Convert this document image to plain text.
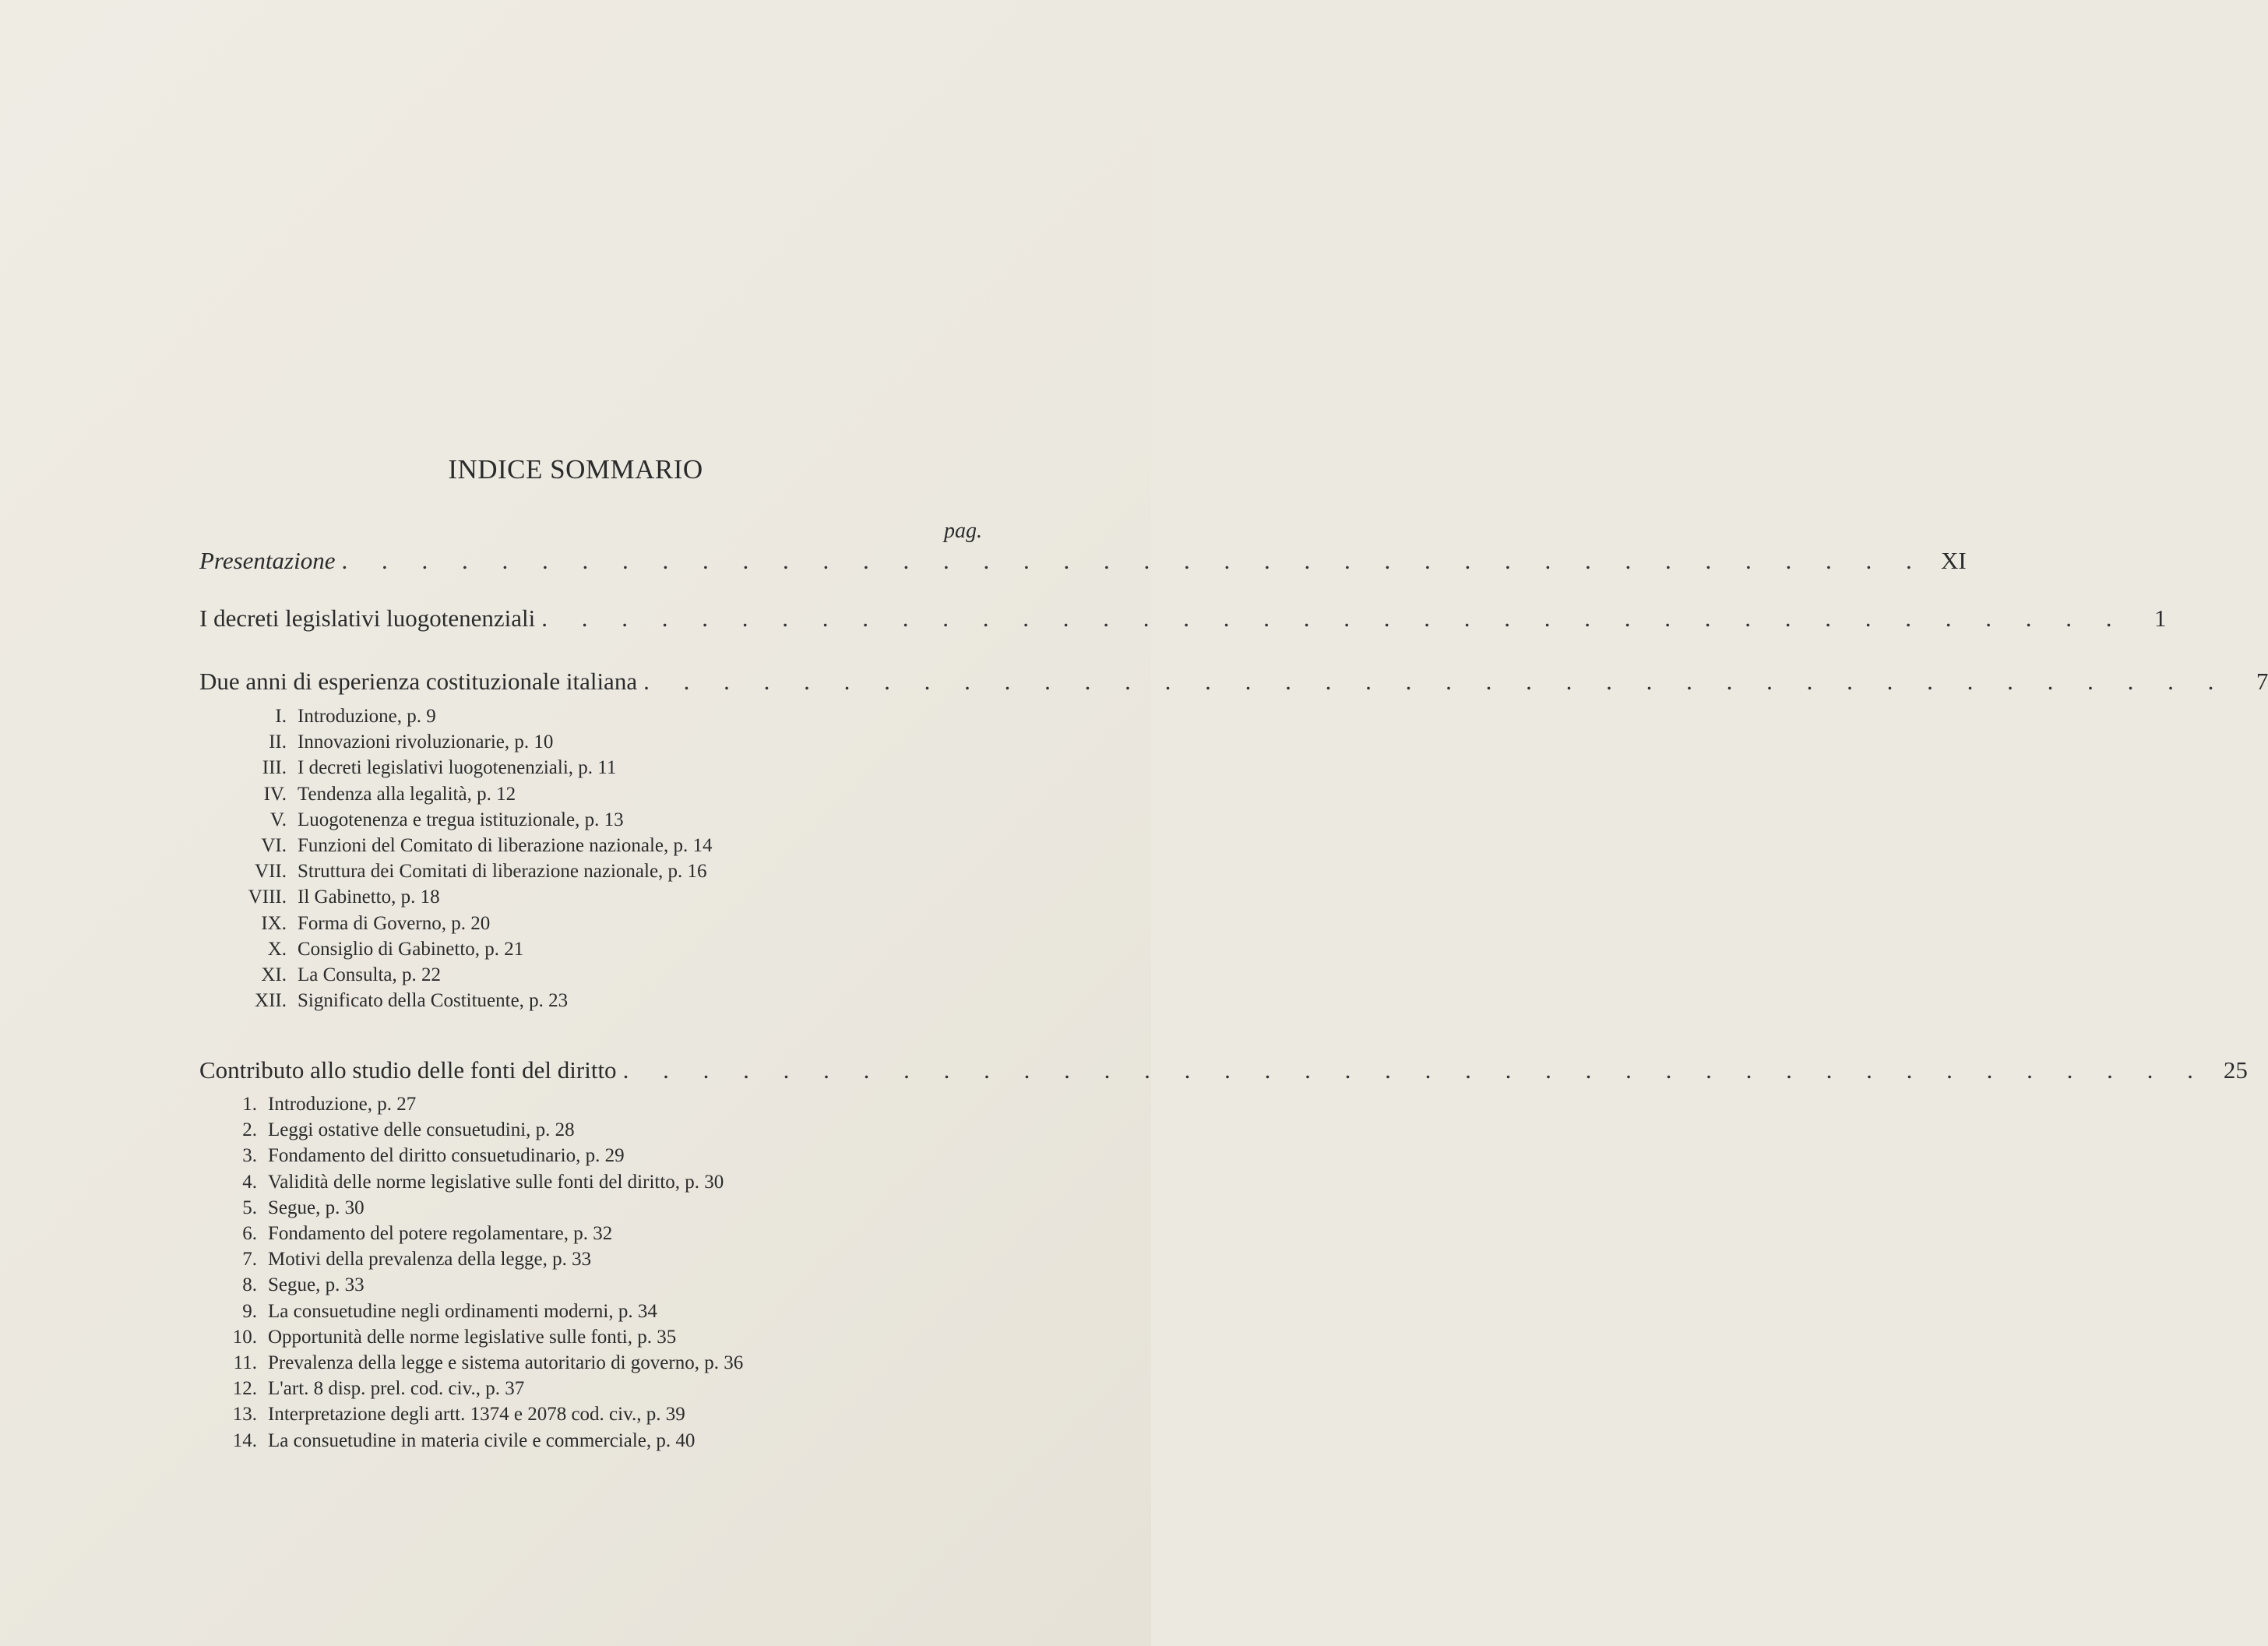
INDICE SOMMARIO
pag.
Presentazione . . . . . . . . . . . . . . . . . . . . . . . . . . . . . . . . . . . . . . . . XI
I decreti legislativi luogotenenziali . . . . . . . . . . . . . . . . . . . . . . . . . . . . . . . . . . . . . . . .	1
Due anni di esperienza costituzionale italiana . . . . . . . . . . . . . . . . . . . . . . . . . . . . . . . . . . . . . . . .	7
I. Introduzione, p. 9
II. Innovazioni rivoluzionarie, p. 10
III. I decreti legislativi luogotenenziali, p. 11
IV. Tendenza alla legalità, p. 12
V. Luogotenenza e tregua istituzionale, p. 13
VI. Funzioni del Comitato di liberazione nazionale, p. 14
VII. Struttura dei Comitati di liberazione nazionale, p. 16
VIII. Il Gabinetto, p. 18
IX. Forma di Governo, p. 20
X. Consiglio di Gabinetto, p. 21
XI. La Consulta, p. 22
XII. Significato della Costituente, p. 23
Contributo allo studio delle fonti del diritto . . . . . . . . . . . . . . . . . . . . . . . . . . . . . . . . . . . . . . . . 25
1. Introduzione, p. 27
2. Leggi ostative delle consuetudini, p. 28
3. Fondamento del diritto consuetudinario, p. 29
4. Validità delle norme legislative sulle fonti del diritto, p. 30
5. Segue, p. 30
6. Fondamento del potere regolamentare, p. 32
7. Motivi della prevalenza della legge, p. 33
8. Segue, p. 33
9. La consuetudine negli ordinamenti moderni, p. 34
10. Opportunità delle norme legislative sulle fonti, p. 35
11. Prevalenza della legge e sistema autoritario di governo, p. 36
12. L'art. 8 disp. prel. cod. civ., p. 37
13. Interpretazione degli artt. 1374 e 2078 cod. civ., p. 39
14. La consuetudine in materia civile e commerciale, p. 40
